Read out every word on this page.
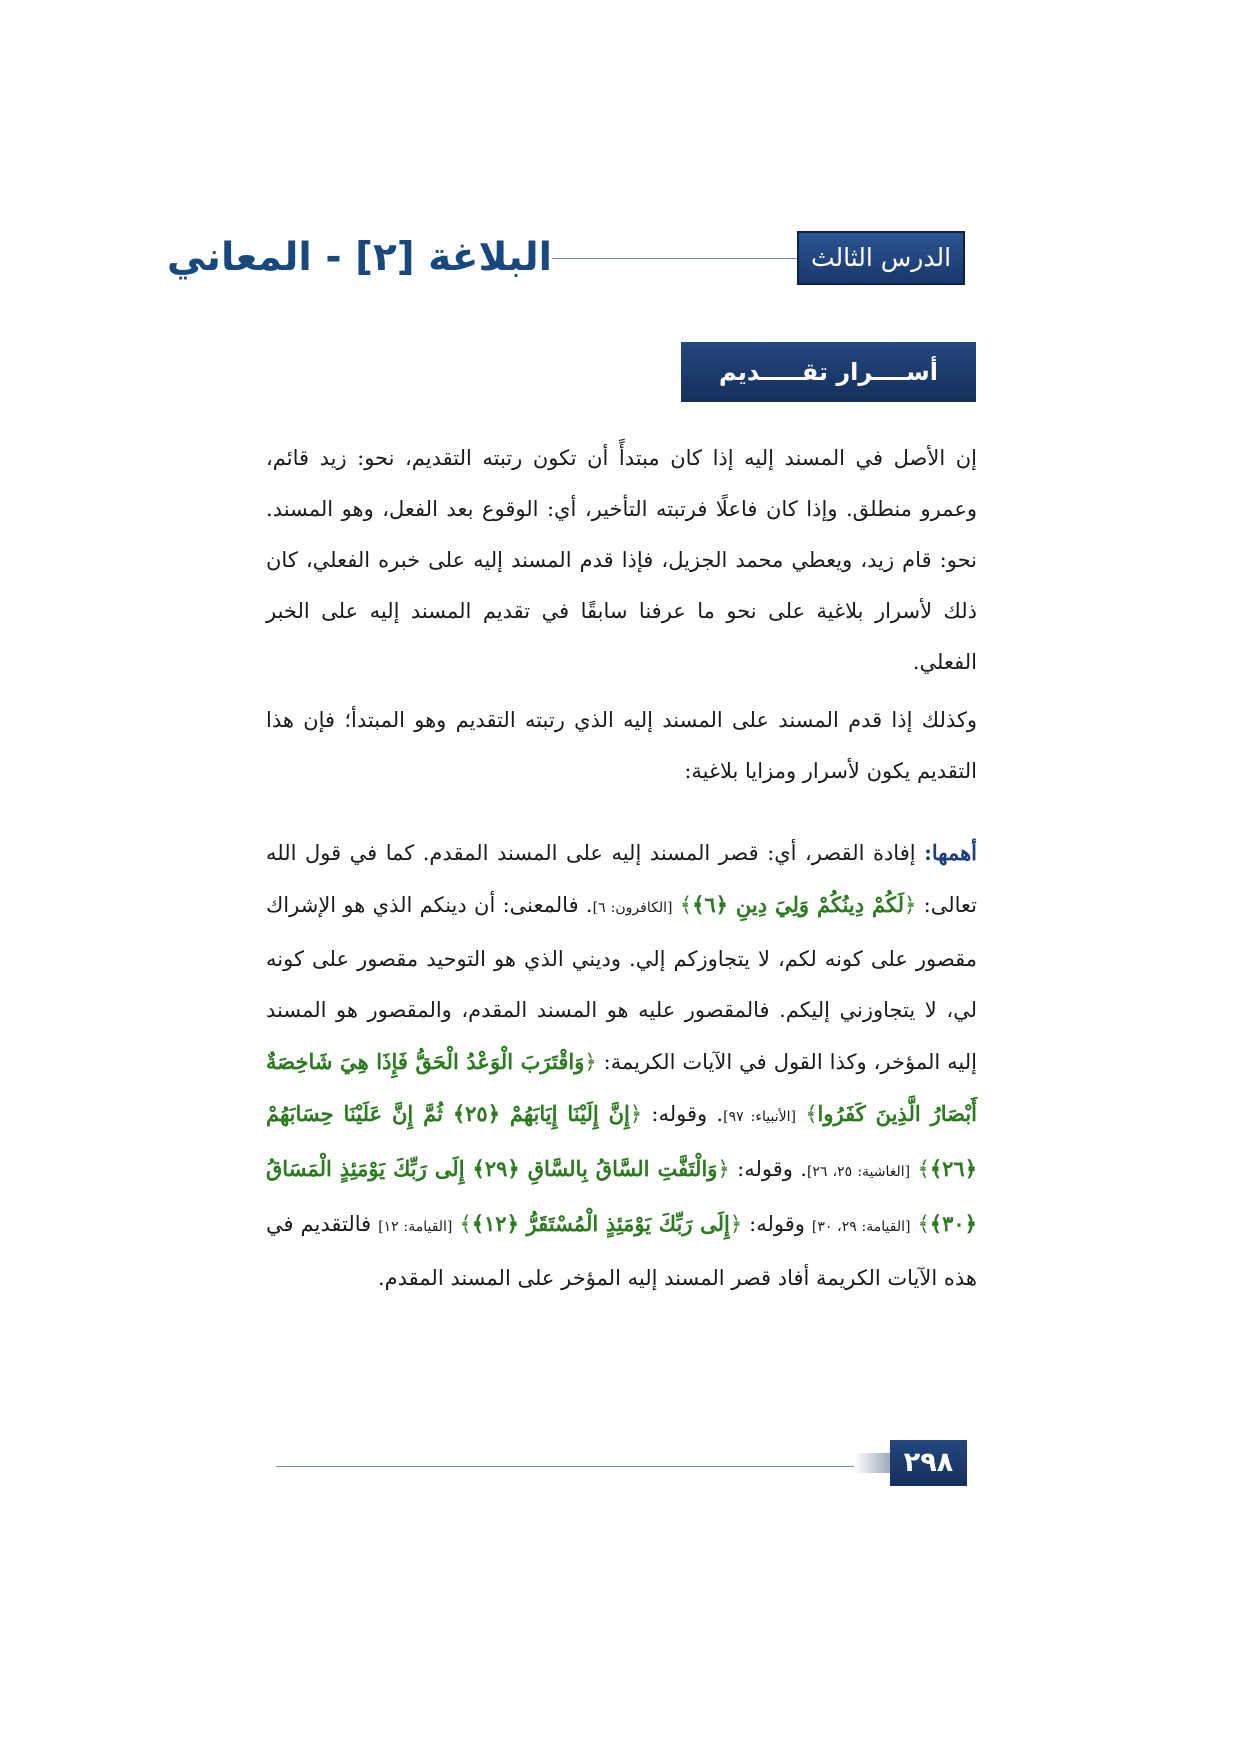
الدرس الثالث عشر
البلاغة [٢] - المعاني
أســــرار تقـــــديم المـــــسند

إن الأصل في المسند إليه إذا كان مبتدأً أن تكون رتبته التقديم، نحو: زيد قائم، وعمرو منطلق. وإذا كان فاعلًا فرتبته التأخير، أي: الوقوع بعد الفعل، وهو المسند. نحو: قام زيد، ويعطي محمد الجزيل، فإذا قدم المسند إليه على خبره الفعلي، كان ذلك لأسرار بلاغية على نحو ما عرفنا سابقًا في تقديم المسند إليه على الخبر الفعلي.

وكذلك إذا قدم المسند على المسند إليه الذي رتبته التقديم وهو المبتدأ؛ فإن هذا التقديم يكون لأسرار ومزايا بلاغية:

أهمها: إفادة القصر، أي: قصر المسند إليه على المسند المقدم. كما في قول الله تعالى: ﴿لَكُمْ دِينُكُمْ وَلِيَ دِينِ ﴿٦﴾﴾ [الكافرون: ٦]. فالمعنى: أن دينكم الذي هو الإشراك مقصور على كونه لكم، لا يتجاوزكم إلي. وديني الذي هو التوحيد مقصور على كونه لي، لا يتجاوزني إليكم. فالمقصور عليه هو المسند المقدم، والمقصور هو المسند إليه المؤخر، وكذا القول في الآيات الكريمة: ﴿وَاقْتَرَبَ الْوَعْدُ الْحَقُّ فَإِذَا هِيَ شَاخِصَةٌ أَبْصَارُ الَّذِينَ كَفَرُوا﴾ [الأنبياء: ٩٧]. وقوله: ﴿إِنَّ إِلَيْنَا إِيَابَهُمْ ﴿٢٥﴾ ثُمَّ إِنَّ عَلَيْنَا حِسَابَهُمْ ﴿٢٦﴾﴾ [الغاشية: ٢٥، ٢٦]. وقوله: ﴿وَالْتَفَّتِ السَّاقُ بِالسَّاقِ ﴿٢٩﴾ إِلَى رَبِّكَ يَوْمَئِذٍ الْمَسَاقُ ﴿٣٠﴾﴾ [القيامة: ٢٩، ٣٠] وقوله: ﴿إِلَى رَبِّكَ يَوْمَئِذٍ الْمُسْتَقَرُّ ﴿١٢﴾﴾ [القيامة: ١٢] فالتقديم في هذه الآيات الكريمة أفاد قصر المسند إليه المؤخر على المسند المقدم.

٢٩٨
